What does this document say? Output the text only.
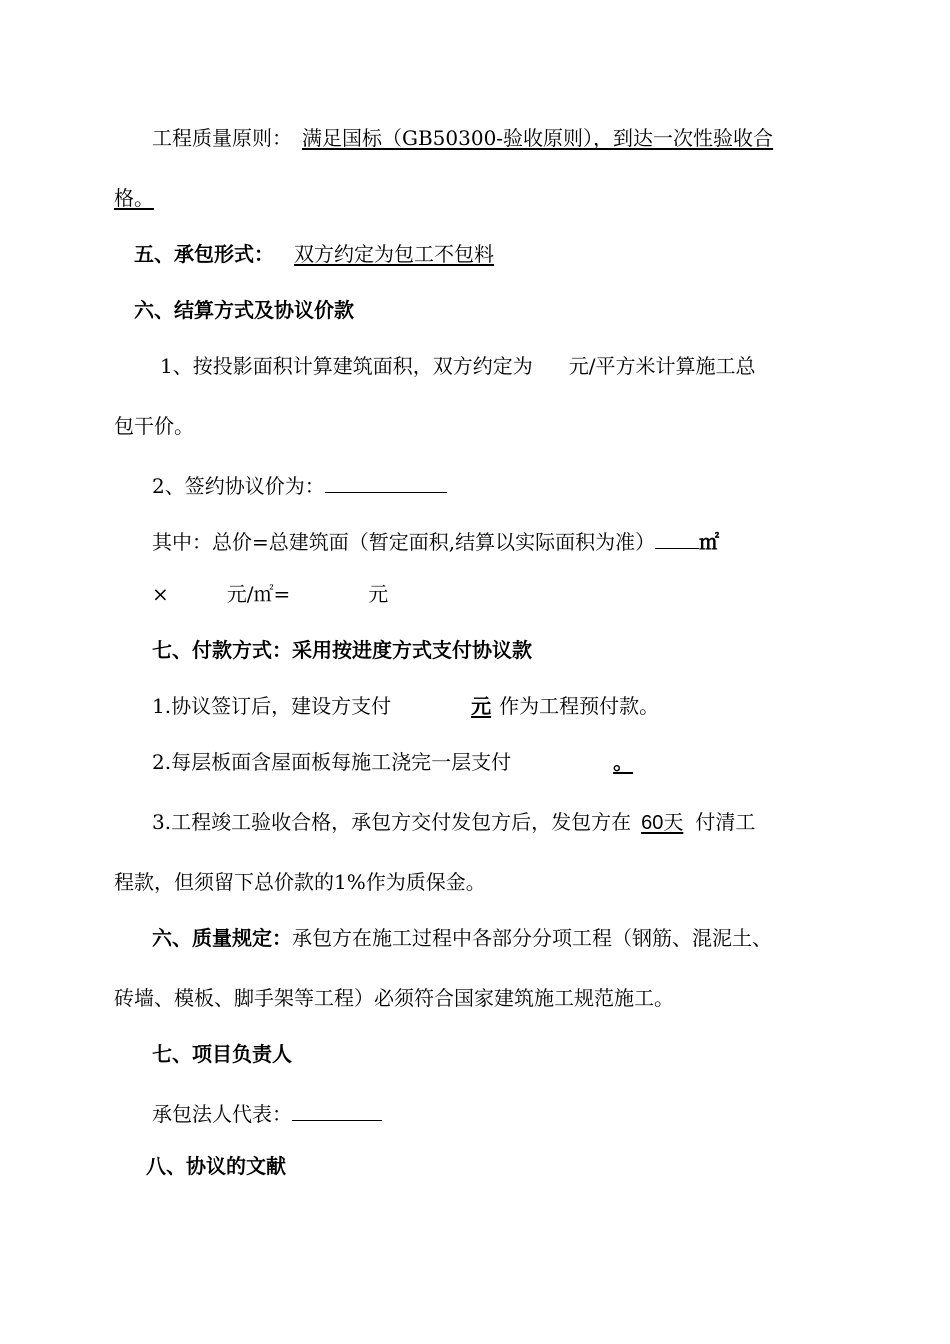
工程质量原则： 满足国标（GB50300-验收原则），到达一次性验收合
格。
五、承包形式： 双方约定为包工不包料
六、结算方式及协议价款
1、按投影面积计算建筑面积，双方约定为 元/平方米计算施工总
包干价。
2、签约协议价为：
其中：总价=总建筑面（暂定面积,结算以实际面积为准） ㎡
×	元/㎡=	元
七、付款方式：采用按进度方式支付协议款
1.协议签订后，建设方支付	元 作为工程预付款。
2.每层板面含屋面板每施工浇完一层支付	。
3.工程竣工验收合格，承包方交付发包方后，发包方在 60天 付清工
程款，但须留下总价款的1%作为质保金。
六、质量规定：承包方在施工过程中各部分分项工程（钢筋、混泥土、
砖墙、模板、脚手架等工程）必须符合国家建筑施工规范施工。
七、项目负责人
承包法人代表：
八、协议的文献
